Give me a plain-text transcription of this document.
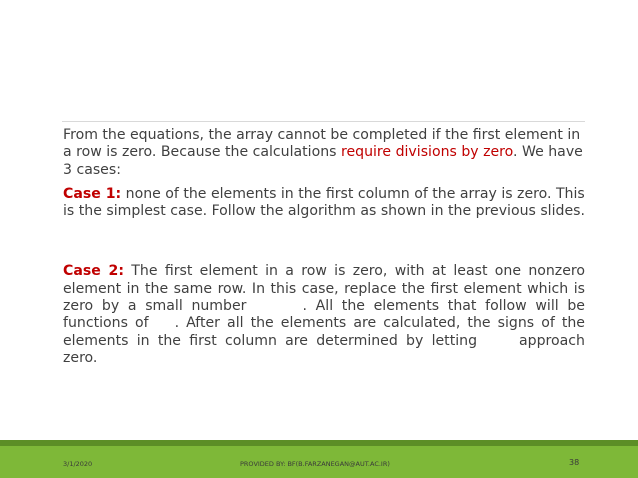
From the equations, the array cannot be completed if the first element in a row is zero. Because the calculations require divisions by zero. We have 3 cases:

Case 1: none of the elements in the first column of the array is zero. This is the simplest case. Follow the algorithm as shown in the previous slides.

Case 2: The first element in a row is zero, with at least one nonzero element in the same row. In this case, replace the first element which is zero by a small number	. All the elements that follow will be functions of . After all the elements are calculated, the signs of the elements in the first column are determined by letting	approach zero.

3/1/2020	PROVIDED BY: BF(B.FARZANEGAN@AUT.AC.IR)	38
